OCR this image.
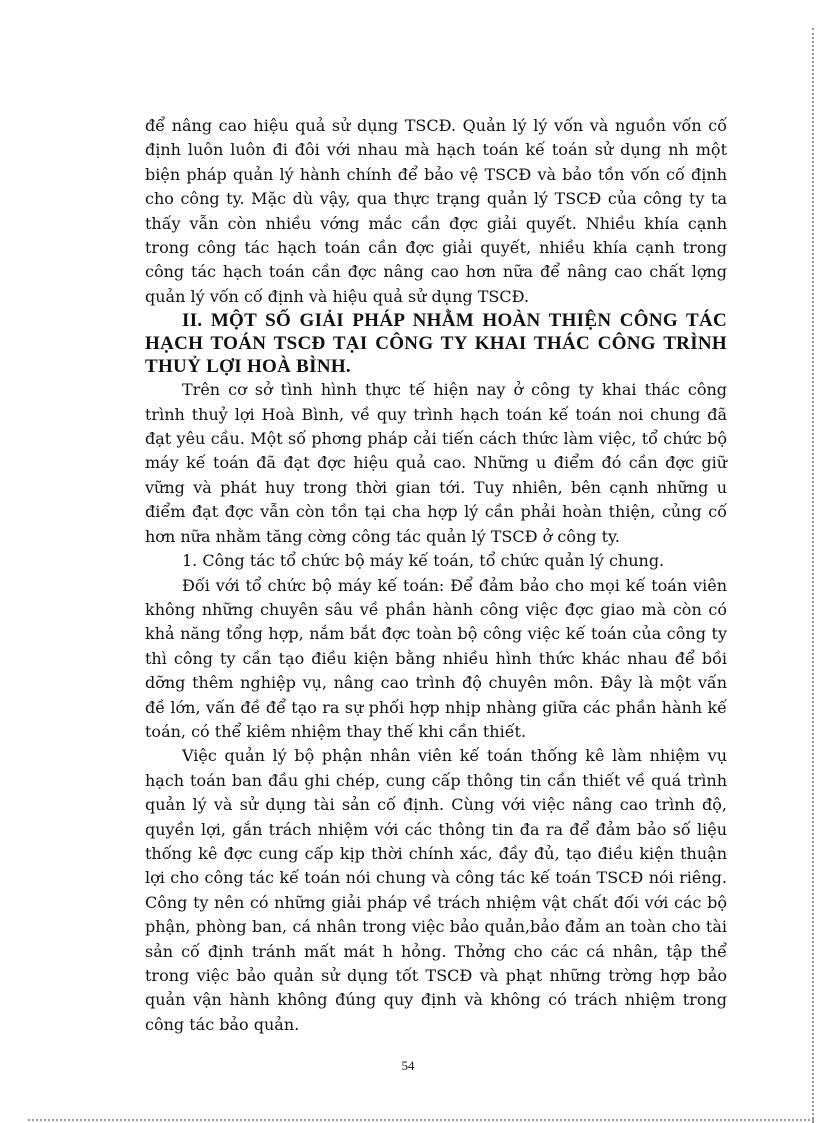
để nâng cao hiệu quả sử dụng TSCĐ. Quản lý lý vốn và nguồn vốn cố định luôn luôn đi đôi với nhau mà hạch toán kế toán sử dụng nh một biện pháp quản lý hành chính để bảo vệ TSCĐ và bảo tồn vốn cố định cho công ty. Mặc dù vậy, qua thực trạng quản lý TSCĐ của công ty ta thấy vẫn còn nhiều vớng mắc cần đợc giải quyết. Nhiều khía cạnh trong công tác hạch toán cần đợc giải quyết, nhiều khía cạnh trong công tác hạch toán cần đợc nâng cao hơn nữa để nâng cao chất lợng quản lý vốn cố định và hiệu quả sử dụng TSCĐ.

II. MỘT SỐ GIẢI PHÁP NHẰM HOÀN THIỆN CÔNG TÁC HẠCH TOÁN TSCĐ TẠI CÔNG TY KHAI THÁC CÔNG TRÌNH THUỶ LỢI HOÀ BÌNH.

Trên cơ sở tình hình thực tế hiện nay ở công ty khai thác công trình thuỷ lợi Hoà Bình, về quy trình hạch toán kế toán noi chung đã đạt yêu cầu. Một số phơng pháp cải tiến cách thức làm việc, tổ chức bộ máy kế toán đã đạt đợc hiệu quả cao. Những u điểm đó cần đợc giữ vững và phát huy trong thời gian tới. Tuy nhiên, bên cạnh những u điểm đạt đợc vẫn còn tồn tại cha hợp lý cần phải hoàn thiện, củng cố hơn nữa nhằm tăng cờng công tác quản lý TSCĐ ở công ty.

1. Công tác tổ chức bộ máy kế toán, tổ chức quản lý chung.

Đối với tổ chức bộ máy kế toán: Để đảm bảo cho mọi kế toán viên không những chuyên sâu về phần hành công việc đợc giao mà còn có khả năng tổng hợp, nắm bắt đợc toàn bộ công việc kế toán của công ty thì công ty cần tạo điều kiện bằng nhiều hình thức khác nhau để bồi dỡng thêm nghiệp vụ, nâng cao trình độ chuyên môn. Đây là một vấn đề lớn, vấn đề để tạo ra sự phối hợp nhịp nhàng giữa các phần hành kế toán, có thể kiêm nhiệm thay thế khi cần thiết.

Việc quản lý bộ phận nhân viên kế toán thống kê làm nhiệm vụ hạch toán ban đầu ghi chép, cung cấp thông tin cần thiết về quá trình quản lý và sử dụng tài sản cố định. Cùng với việc nâng cao trình độ, quyền lợi, gắn trách nhiệm với các thông tin đa ra để đảm bảo số liệu thống kê đợc cung cấp kịp thời chính xác, đầy đủ, tạo điều kiện thuận lợi cho công tác kế toán nói chung và công tác kế toán TSCĐ nói riêng. Công ty nên có những giải pháp về trách nhiệm vật chất đối với các bộ phận, phòng ban, cá nhân trong việc bảo quản,bảo đảm an toàn cho tài sản cố định tránh mất mát h hỏng. Thởng cho các cá nhân, tập thể trong việc bảo quản sử dụng tốt TSCĐ và phạt những trờng hợp bảo quản vận hành không đúng quy định và không có trách nhiệm trong công tác bảo quản.

54
